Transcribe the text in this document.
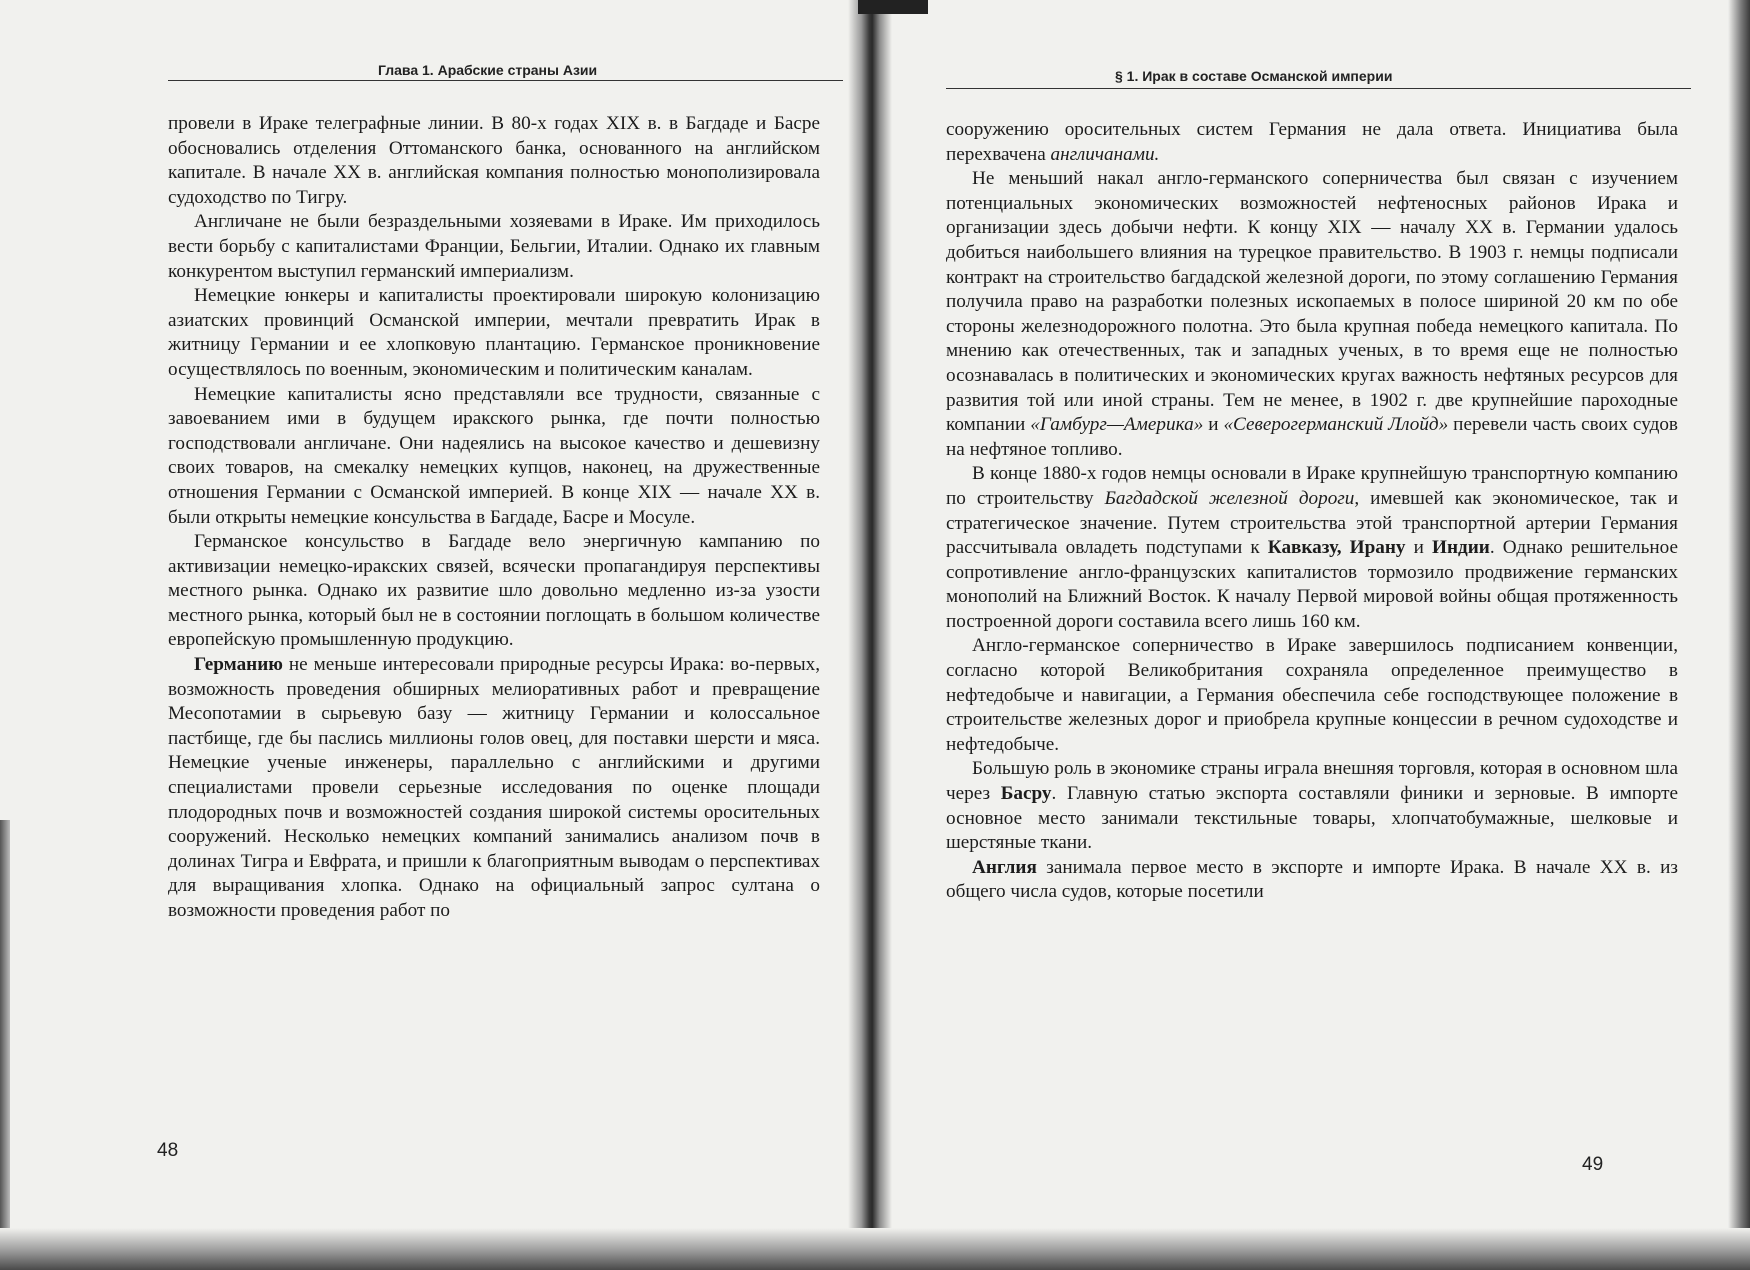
Глава 1. Арабские страны Азии

провели в Ираке телеграфные линии. В 80-х годах XIX в. в Багдаде и Басре обосновались отделения Оттоманского банка, основанного на английском капитале. В начале XX в. английская компания полностью монополизировала судоходство по Тигру.

Англичане не были безраздельными хозяевами в Ираке. Им приходилось вести борьбу с капиталистами Франции, Бельгии, Италии. Однако их главным конкурентом выступил германский империализм.

Немецкие юнкеры и капиталисты проектировали широкую колонизацию азиатских провинций Османской империи, мечтали превратить Ирак в житницу Германии и ее хлопковую плантацию. Германское проникновение осуществлялось по военным, экономическим и политическим каналам.

Немецкие капиталисты ясно представляли все трудности, связанные с завоеванием ими в будущем иракского рынка, где почти полностью господствовали англичане. Они надеялись на высокое качество и дешевизну своих товаров, на смекалку немецких купцов, наконец, на дружественные отношения Германии с Османской империей. В конце XIX — начале XX в. были открыты немецкие консульства в Багдаде, Басре и Мосуле.

Германское консульство в Багдаде вело энергичную кампанию по активизации немецко-иракских связей, всячески пропагандируя перспективы местного рынка. Однако их развитие шло довольно медленно из-за узости местного рынка, который был не в состоянии поглощать в большом количестве европейскую промышленную продукцию.

Германию не меньше интересовали природные ресурсы Ирака: во-первых, возможность проведения обширных мелиоративных работ и превращение Месопотамии в сырьевую базу — житницу Германии и колоссальное пастбище, где бы паслись миллионы голов овец, для поставки шерсти и мяса. Немецкие ученые инженеры, параллельно с английскими и другими специалистами провели серьезные исследования по оценке площади плодородных почв и возможностей создания широкой системы оросительных сооружений. Несколько немецких компаний занимались анализом почв в долинах Тигра и Евфрата, и пришли к благоприятным выводам о перспективах для выращивания хлопка. Однако на официальный запрос султана о возможности проведения работ по

48
§ 1. Ирак в составе Османской империи

сооружению оросительных систем Германия не дала ответа. Инициатива была перехвачена англичанами.

Не меньший накал англо-германского соперничества был связан с изучением потенциальных экономических возможностей нефтеносных районов Ирака и организации здесь добычи нефти. К концу XIX — началу XX в. Германии удалось добиться наибольшего влияния на турецкое правительство. В 1903 г. немцы подписали контракт на строительство багдадской железной дороги, по этому соглашению Германия получила право на разработки полезных ископаемых в полосе шириной 20 км по обе стороны железнодорожного полотна. Это была крупная победа немецкого капитала. По мнению как отечественных, так и западных ученых, в то время еще не полностью осознавалась в политических и экономических кругах важность нефтяных ресурсов для развития той или иной страны. Тем не менее, в 1902 г. две крупнейшие пароходные компании «Гамбург—Америка» и «Северогерманский Ллойд» перевели часть своих судов на нефтяное топливо.

В конце 1880-х годов немцы основали в Ираке крупнейшую транспортную компанию по строительству Багдадской железной дороги, имевшей как экономическое, так и стратегическое значение. Путем строительства этой транспортной артерии Германия рассчитывала овладеть подступами к Кавказу, Ирану и Индии. Однако решительное сопротивление англо-французских капиталистов тормозило продвижение германских монополий на Ближний Восток. К началу Первой мировой войны общая протяженность построенной дороги составила всего лишь 160 км.

Англо-германское соперничество в Ираке завершилось подписанием конвенции, согласно которой Великобритания сохраняла определенное преимущество в нефтедобыче и навигации, а Германия обеспечила себе господствующее положение в строительстве железных дорог и приобрела крупные концессии в речном судоходстве и нефтедобыче.

Большую роль в экономике страны играла внешняя торговля, которая в основном шла через Басру. Главную статью экспорта составляли финики и зерновые. В импорте основное место занимали текстильные товары, хлопчатобумажные, шелковые и шерстяные ткани.

Англия занимала первое место в экспорте и импорте Ирака. В начале XX в. из общего числа судов, которые посетили

49
